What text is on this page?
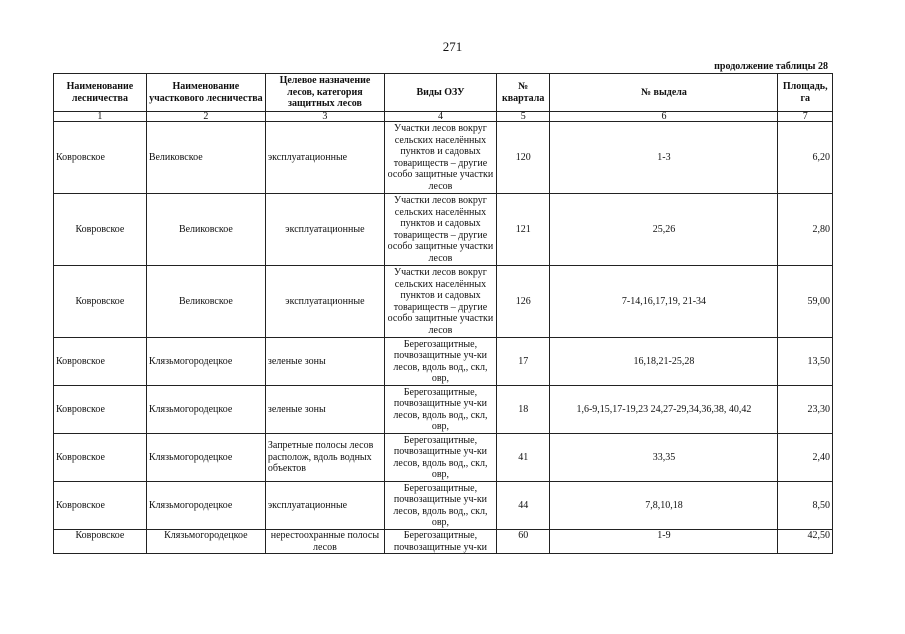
271
продолжение таблицы 28
Наименование лесничества	Наименование участкового лесничества	Целевое назначение лесов, категория защитных лесов	Виды ОЗУ	№ квартала	№ выдела	Площадь, га
1	2	3	4	5	6	7
Ковровское	Великовское	эксплуатационные	Участки лесов вокруг сельских населённых пунктов и садовых товариществ – другие особо защитные участки лесов	120	1-3	6,20
Ковровское	Великовское	эксплуатационные	Участки лесов вокруг сельских населённых пунктов и садовых товариществ – другие особо защитные участки лесов	121	25,26	2,80
Ковровское	Великовское	эксплуатационные	Участки лесов вокруг сельских населённых пунктов и садовых товариществ – другие особо защитные участки лесов	126	7-14,16,17,19, 21-34	59,00
Ковровское	Клязьмогородецкое	зеленые зоны	Берегозащитные, почвозащитные уч-ки лесов, вдоль вод,, скл, овр,	17	16,18,21-25,28	13,50
Ковровское	Клязьмогородецкое	зеленые зоны	Берегозащитные, почвозащитные уч-ки лесов, вдоль вод,, скл, овр,	18	1,6-9,15,17-19,23 24,27-29,34,36,38, 40,42	23,30
Ковровское	Клязьмогородецкое	Запретные полосы лесов располож, вдоль водных объектов	Берегозащитные, почвозащитные уч-ки лесов, вдоль вод,, скл, овр,	41	33,35	2,40
Ковровское	Клязьмогородецкое	эксплуатационные	Берегозащитные, почвозащитные уч-ки лесов, вдоль вод,, скл, овр,	44	7,8,10,18	8,50
Ковровское	Клязьмогородецкое	нерестоохранные полосы лесов	Берегозащитные, почвозащитные уч-ки	60	1-9	42,50
